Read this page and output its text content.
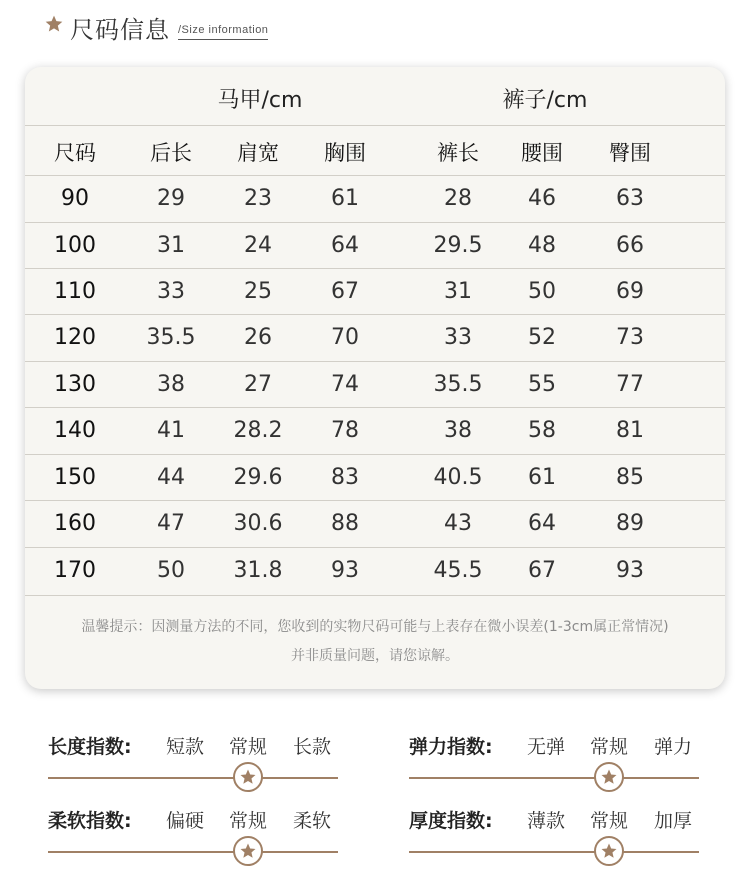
尺码信息 /Size information
马甲/cm	裤子/cm
尺码	后长	肩宽	胸围	裤长	腰围	臀围
90	29	23	61	28	46	63
100	31	24	64	29.5	48	66
110	33	25	67	31	50	69
120	35.5	26	70	33	52	73
130	38	27	74	35.5	55	77
140	41	28.2	78	38	58	81
150	44	29.6	83	40.5	61	85
160	47	30.6	88	43	64	89
170	50	31.8	93	45.5	67	93
温馨提示：因测量方法的不同，您收到的实物尺码可能与上表存在微小误差(1-3cm属正常情况)
并非质量问题，请您谅解。
长度指数:	短款	常规	长款	弹力指数:	无弹	常规	弹力
柔软指数:	偏硬	常规	柔软	厚度指数:	薄款	常规	加厚
